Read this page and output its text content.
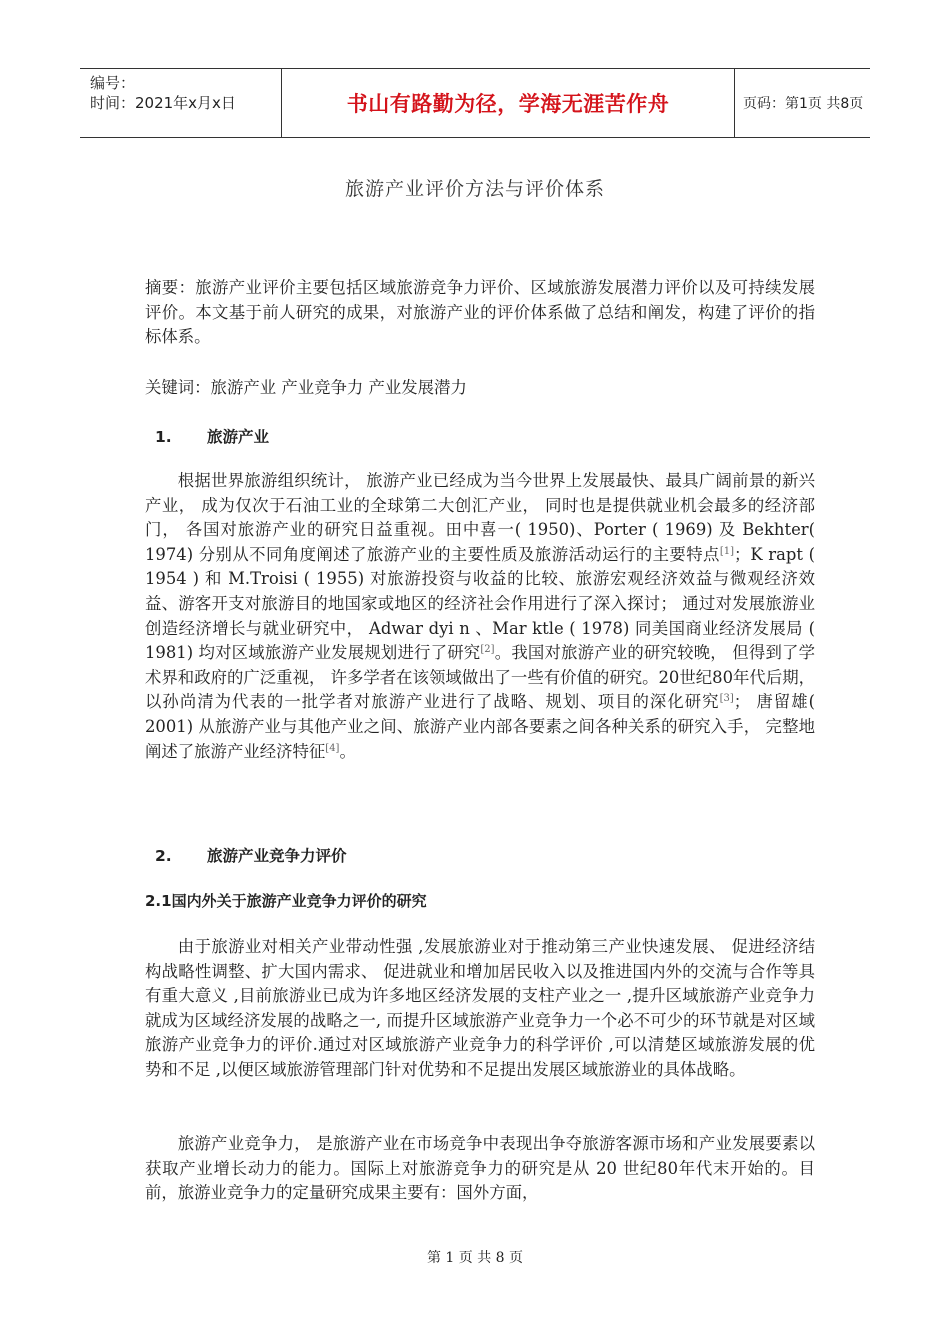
编号：
时间：2021年x月x日	书山有路勤为径，学海无涯苦作舟	页码：第1页 共8页
旅游产业评价方法与评价体系

摘要：旅游产业评价主要包括区域旅游竞争力评价、区域旅游发展潜力评价以及可持续发展评价。本文基于前人研究的成果，对旅游产业的评价体系做了总结和阐发，构建了评价的指标体系。

关键词：旅游产业 产业竞争力 产业发展潜力

1. 旅游产业

根据世界旅游组织统计， 旅游产业已经成为当今世界上发展最快、最具广阔前景的新兴产业， 成为仅次于石油工业的全球第二大创汇产业， 同时也是提供就业机会最多的经济部门， 各国对旅游产业的研究日益重视。田中喜一( 1950)、Porter ( 1969) 及 Bekhter( 1974) 分别从不同角度阐述了旅游产业的主要性质及旅游活动运行的主要特点[1]；K rapt ( 1954 ) 和 M.Troisi ( 1955) 对旅游投资与收益的比较、旅游宏观经济效益与微观经济效益、游客开支对旅游目的地国家或地区的经济社会作用进行了深入探讨； 通过对发展旅游业创造经济增长与就业研究中， Adwar dyi n 、Mar ktle ( 1978) 同美国商业经济发展局 ( 1981) 均对区域旅游产业发展规划进行了研究[2]。我国对旅游产业的研究较晚， 但得到了学术界和政府的广泛重视， 许多学者在该领域做出了一些有价值的研究。20世纪80年代后期， 以孙尚清为代表的一批学者对旅游产业进行了战略、规划、项目的深化研究[3]； 唐留雄( 2001) 从旅游产业与其他产业之间、旅游产业内部各要素之间各种关系的研究入手， 完整地阐述了旅游产业经济特征[4]。

2. 旅游产业竞争力评价
2.1国内外关于旅游产业竞争力评价的研究

由于旅游业对相关产业带动性强 ,发展旅游业对于推动第三产业快速发展、 促进经济结构战略性调整、扩大国内需求、 促进就业和增加居民收入以及推进国内外的交流与合作等具有重大意义 ,目前旅游业已成为许多地区经济发展的支柱产业之一 ,提升区域旅游产业竞争力就成为区域经济发展的战略之一, 而提升区域旅游产业竞争力一个必不可少的环节就是对区域旅游产业竞争力的评价.通过对区域旅游产业竞争力的科学评价 ,可以清楚区域旅游发展的优势和不足 ,以便区域旅游管理部门针对优势和不足提出发展区域旅游业的具体战略。

旅游产业竞争力， 是旅游产业在市场竞争中表现出争夺旅游客源市场和产业发展要素以获取产业增长动力的能力。国际上对旅游竞争力的研究是从 20 世纪80年代末开始的。目前，旅游业竞争力的定量研究成果主要有：国外方面，

第 1 页 共 8 页
